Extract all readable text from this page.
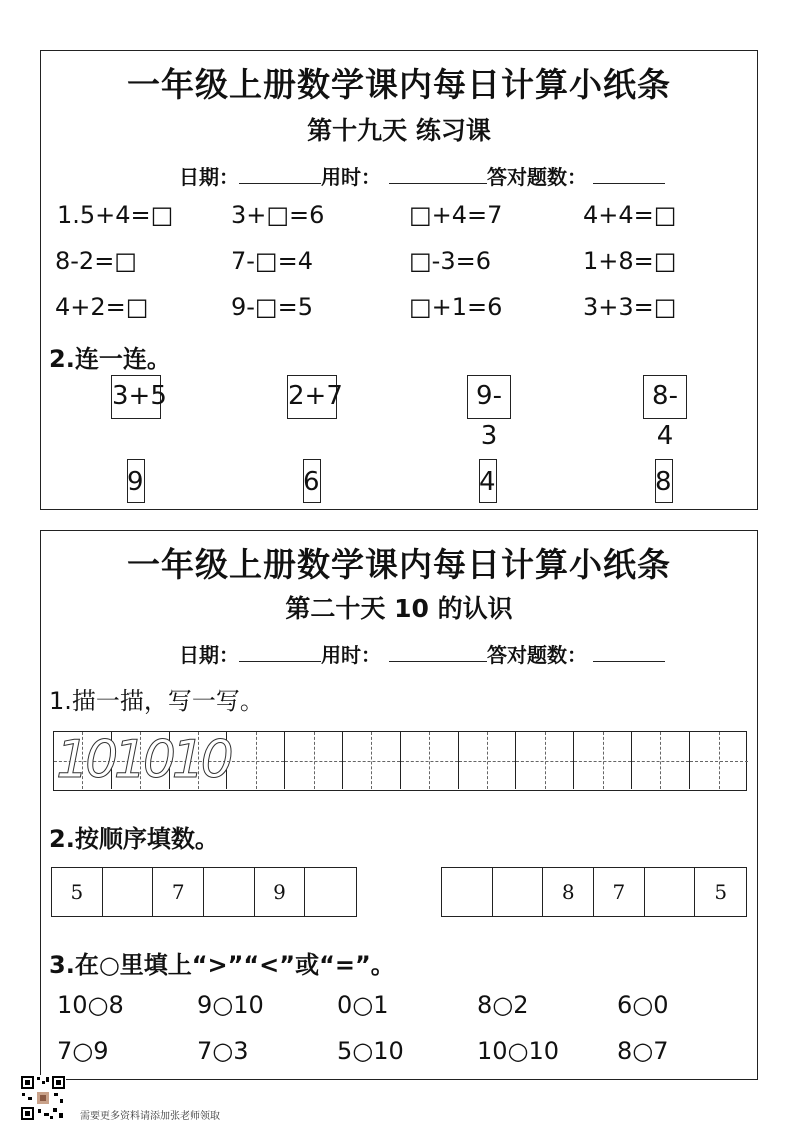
一年级上册数学课内每日计算小纸条
第十九天 练习课
日期：	用时：	答对题数：
1.5+4=□ 3+□=6	□+4=7	4+4=□
8-2=□	7-□=4	□-3=6	1+8=□
4+2=□	9-□=5	□+1=6	3+3=□
2.连一连。
3+5	2+7	9-3
8-4
9	6	4	8
一年级上册数学课内每日计算小纸条
第二十天 10 的认识
日期：	用时：	答对题数：
1.描一描，写一写。
10 10 10
2.按顺序填数。
5	7	9	8	7	5
3.在○里填上“>”“<”或“=”。
10○8	9○10	0○1	8○2	6○0
7○9	7○3	5○10	10○10 8○7
需要更多资料请添加张老师领取
